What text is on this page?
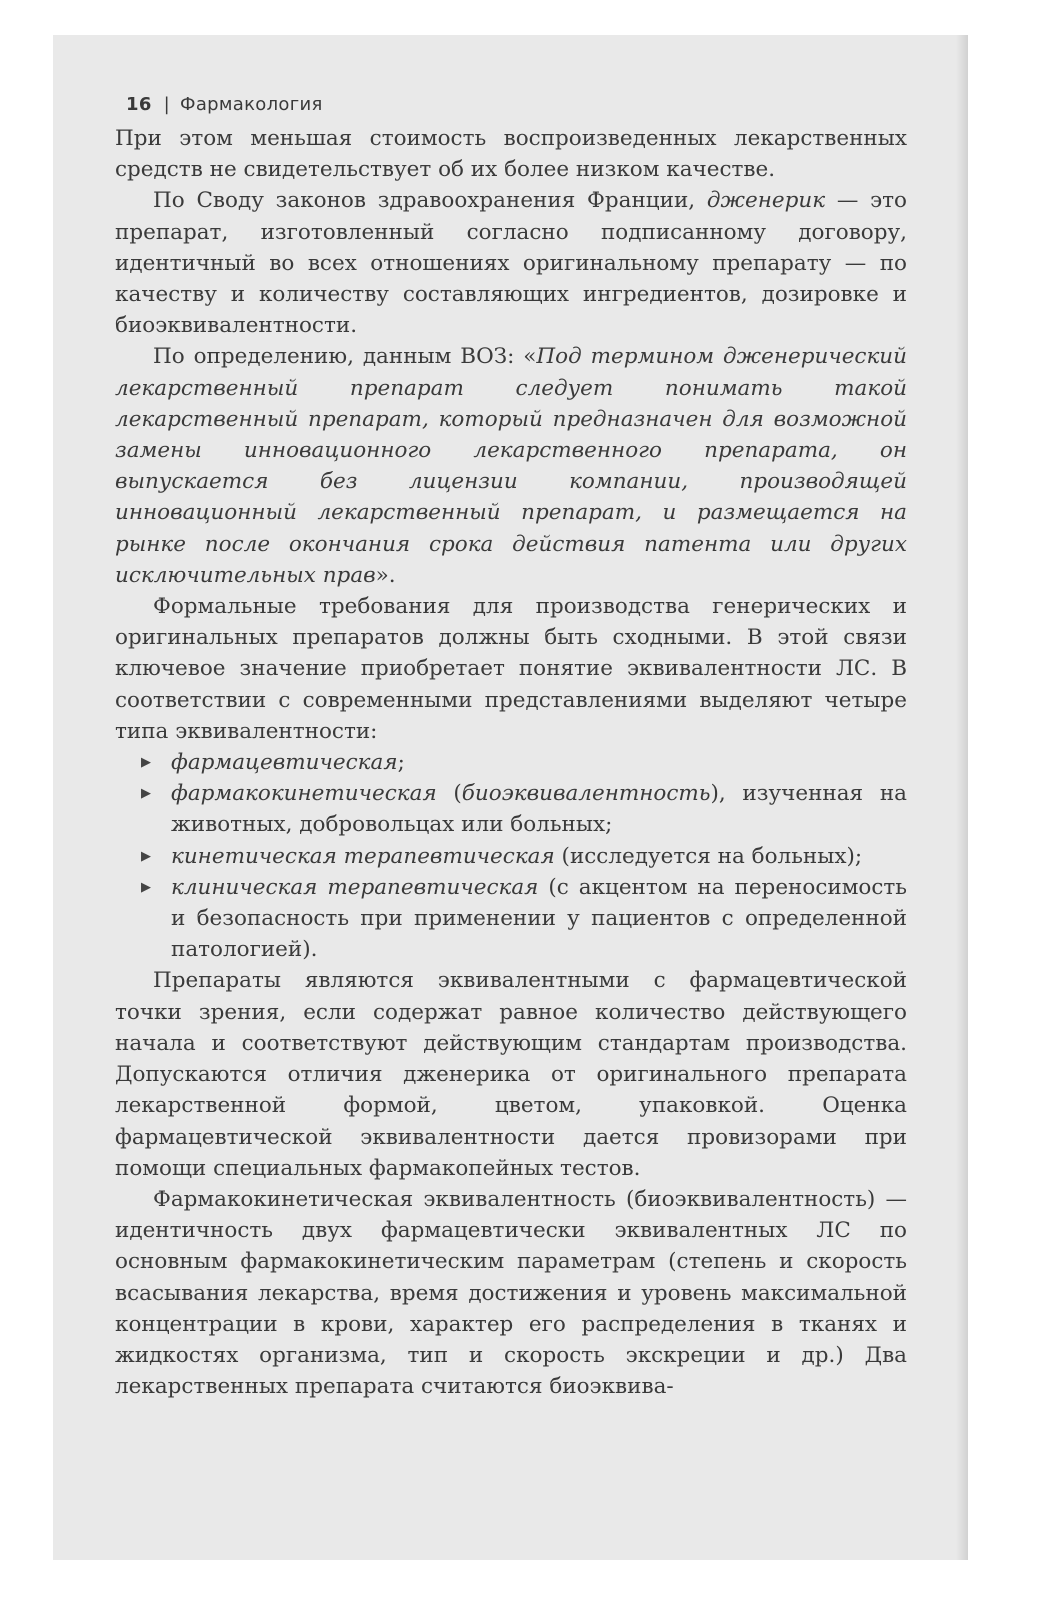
16 | Фармакология

При этом меньшая стоимость воспроизведенных лекарственных средств не свидетельствует об их более низком качестве.

По Своду законов здравоохранения Франции, дженерик — это препарат, изготовленный согласно подписанному договору, идентичный во всех отношениях оригинальному препарату — по качеству и количеству составляющих ингредиентов, дозировке и биоэквивалентности.

По определению, данным ВОЗ: «Под термином дженерический лекарственный препарат следует понимать такой лекарственный препарат, который предназначен для возможной замены инновационного лекарственного препарата, он выпускается без лицензии компании, производящей инновационный лекарственный препарат, и размещается на рынке после окончания срока действия патента или других исключительных прав».

Формальные требования для производства генерических и оригинальных препаратов должны быть сходными. В этой связи ключевое значение приобретает понятие эквивалентности ЛС. В соответствии с современными представлениями выделяют четыре типа эквивалентности:

▶ фармацевтическая;
▶ фармакокинетическая (биоэквивалентность), изученная на животных, добровольцах или больных;
▶ кинетическая терапевтическая (исследуется на больных);
▶ клиническая терапевтическая (с акцентом на переносимость и безопасность при применении у пациентов с определенной патологией).

Препараты являются эквивалентными с фармацевтической точки зрения, если содержат равное количество действующего начала и соответствуют действующим стандартам производства. Допускаются отличия дженерика от оригинального препарата лекарственной формой, цветом, упаковкой. Оценка фармацевтической эквивалентности дается провизорами при помощи специальных фармакопейных тестов.

Фармакокинетическая эквивалентность (биоэквивалентность) — идентичность двух фармацевтически эквивалентных ЛС по основным фармакокинетическим параметрам (степень и скорость всасывания лекарства, время достижения и уровень максимальной концентрации в крови, характер его распределения в тканях и жидкостях организма, тип и скорость экскреции и др.) Два лекарственных препарата считаются биоэквива-
